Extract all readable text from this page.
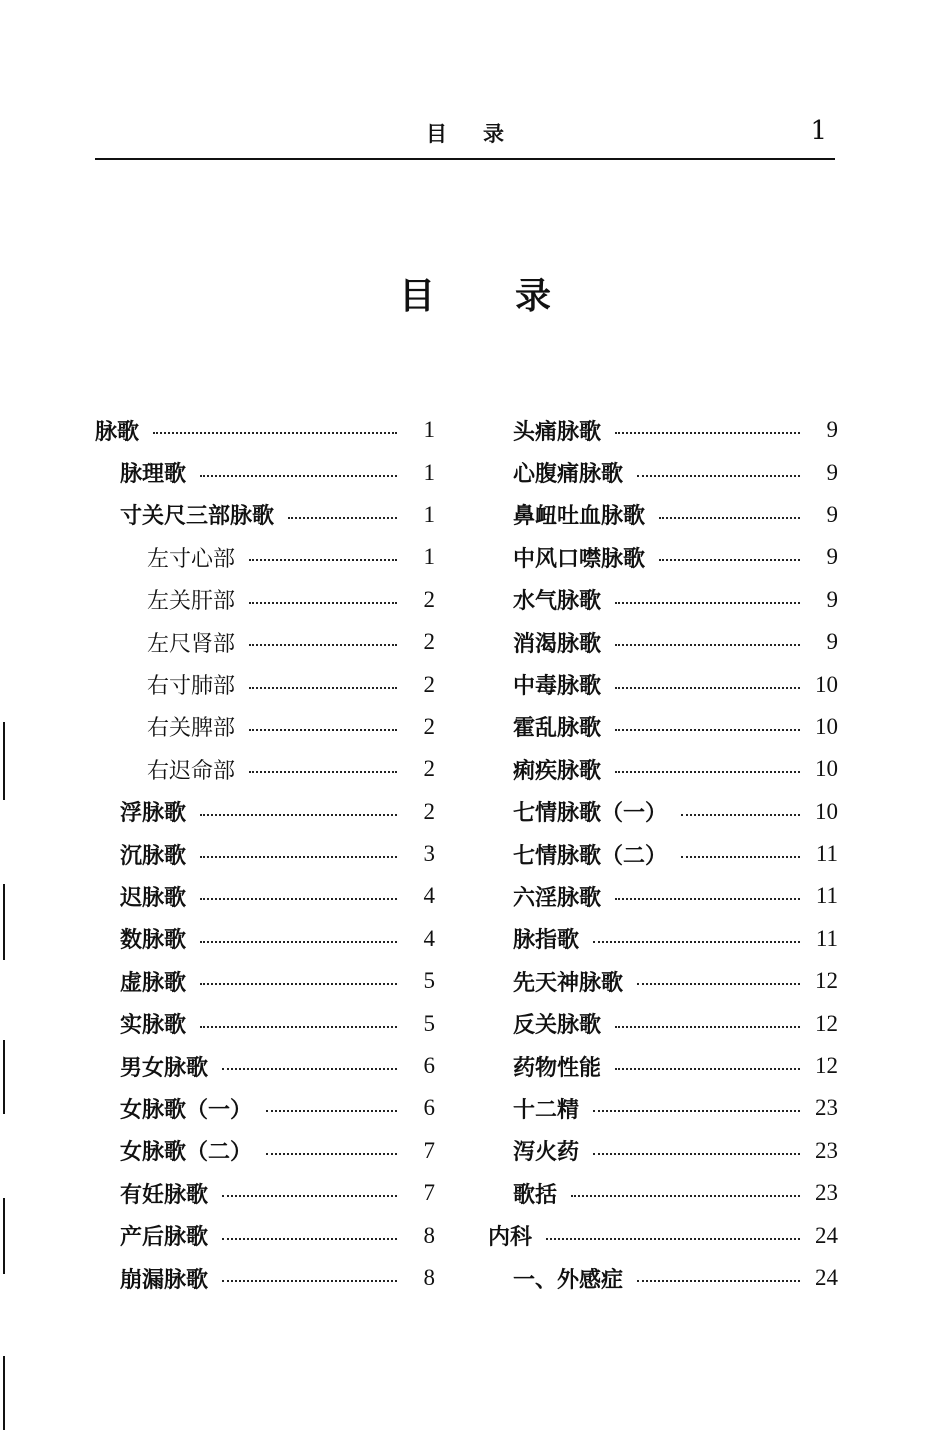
目录	1
目录
脉歌	1
脉理歌	1
寸关尺三部脉歌	1
左寸心部	1
左关肝部	2
左尺肾部	2
右寸肺部	2
右关脾部	2
右迟命部	2
浮脉歌	2
沉脉歌	3
迟脉歌	4
数脉歌	4
虚脉歌	5
实脉歌	5
男女脉歌	6
女脉歌（一）	6
女脉歌（二）	7
有妊脉歌	7
产后脉歌	8
崩漏脉歌	8
头痛脉歌	9
心腹痛脉歌	9
鼻衄吐血脉歌	9
中风口噤脉歌	9
水气脉歌	9
消渴脉歌	9
中毒脉歌	10
霍乱脉歌	10
痢疾脉歌	10
七情脉歌（一）	10
七情脉歌（二）	11
六淫脉歌	11
脉指歌	11
先天神脉歌	12
反关脉歌	12
药物性能	12
十二精	23
泻火药	23
歌括	23
内科	24
一、外感症	24
